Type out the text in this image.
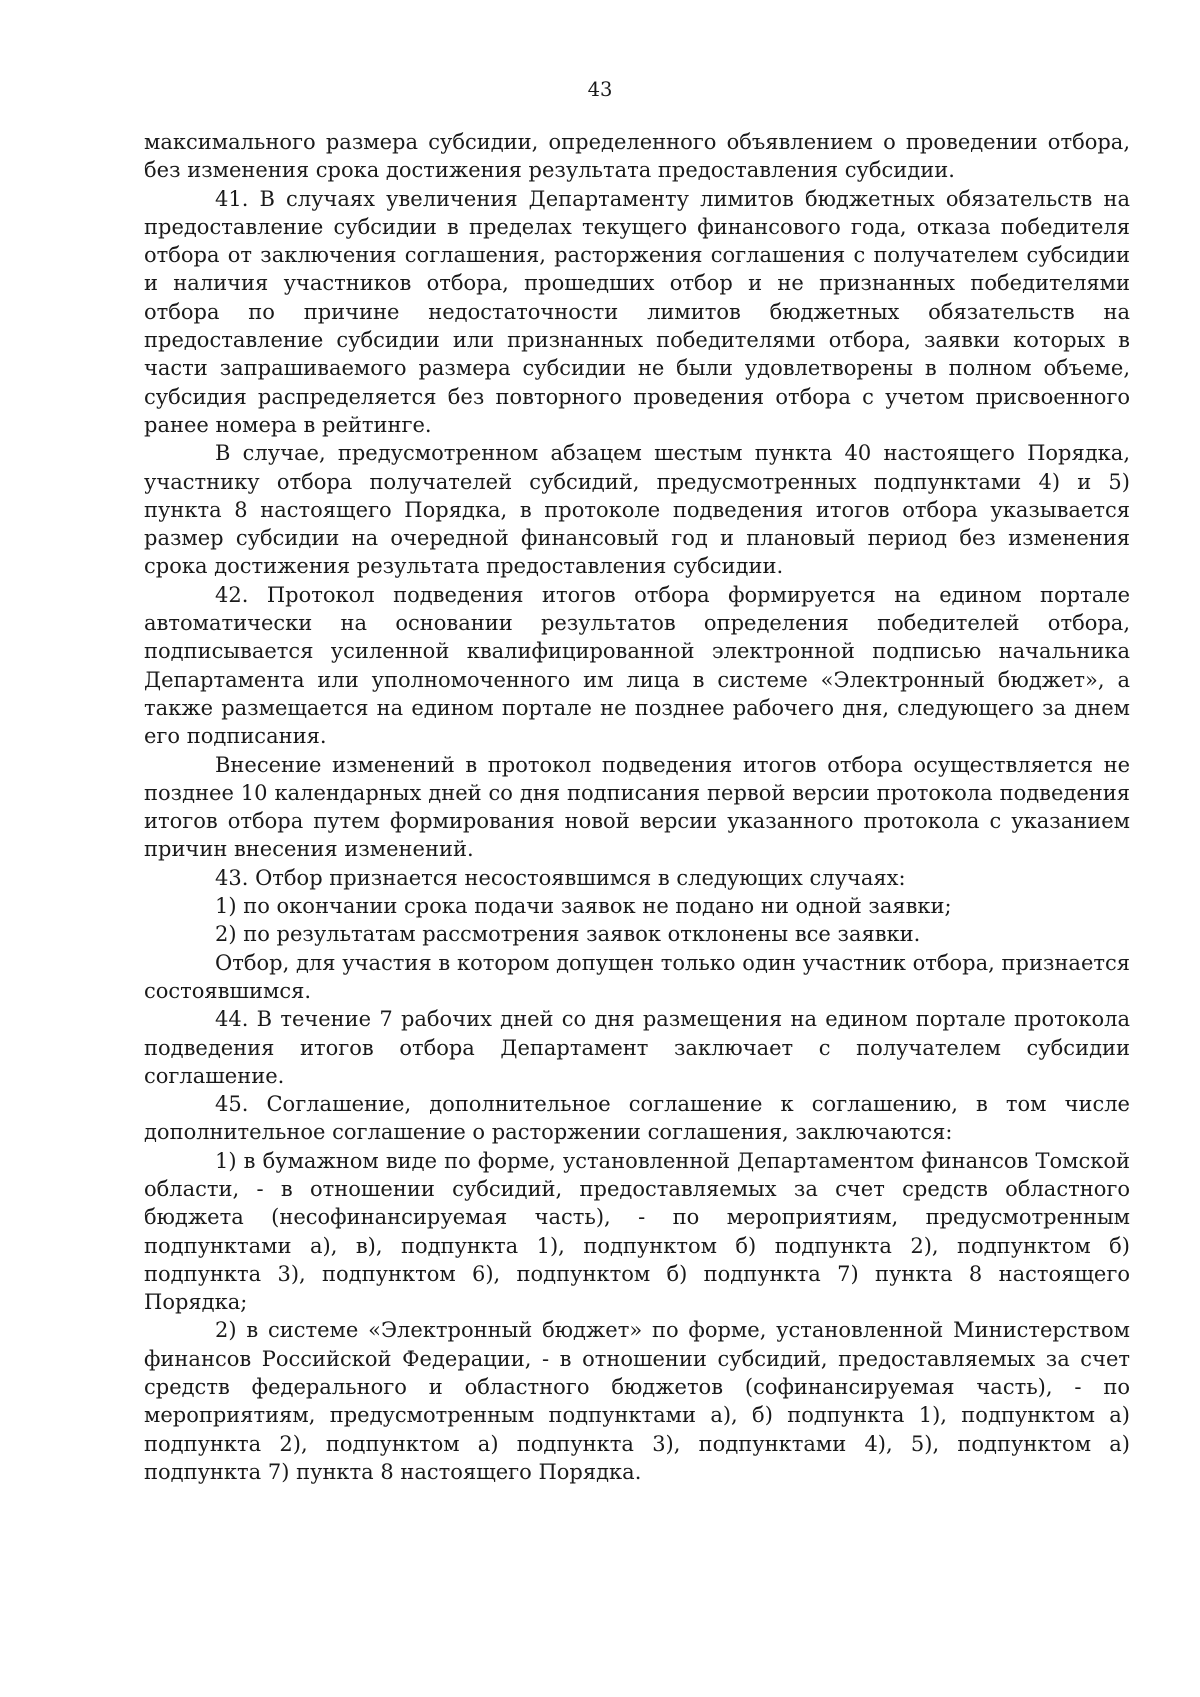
43

максимального размера субсидии, определенного объявлением о проведении отбора, без изменения срока достижения результата предоставления субсидии.

41. В случаях увеличения Департаменту лимитов бюджетных обязательств на предоставление субсидии в пределах текущего финансового года, отказа победителя отбора от заключения соглашения, расторжения соглашения с получателем субсидии и наличия участников отбора, прошедших отбор и не признанных победителями отбора по причине недостаточности лимитов бюджетных обязательств на предоставление субсидии или признанных победителями отбора, заявки которых в части запрашиваемого размера субсидии не были удовлетворены в полном объеме, субсидия распределяется без повторного проведения отбора с учетом присвоенного ранее номера в рейтинге.

В случае, предусмотренном абзацем шестым пункта 40 настоящего Порядка, участнику отбора получателей субсидий, предусмотренных подпунктами 4) и 5) пункта 8 настоящего Порядка, в протоколе подведения итогов отбора указывается размер субсидии на очередной финансовый год и плановый период без изменения срока достижения результата предоставления субсидии.

42. Протокол подведения итогов отбора формируется на едином портале автоматически на основании результатов определения победителей отбора, подписывается усиленной квалифицированной электронной подписью начальника Департамента или уполномоченного им лица в системе «Электронный бюджет», а также размещается на едином портале не позднее рабочего дня, следующего за днем его подписания.

Внесение изменений в протокол подведения итогов отбора осуществляется не позднее 10 календарных дней со дня подписания первой версии протокола подведения итогов отбора путем формирования новой версии указанного протокола с указанием причин внесения изменений.

43. Отбор признается несостоявшимся в следующих случаях:

1) по окончании срока подачи заявок не подано ни одной заявки;

2) по результатам рассмотрения заявок отклонены все заявки.

Отбор, для участия в котором допущен только один участник отбора, признается состоявшимся.

44. В течение 7 рабочих дней со дня размещения на едином портале протокола подведения итогов отбора Департамент заключает с получателем субсидии соглашение.

45. Соглашение, дополнительное соглашение к соглашению, в том числе дополнительное соглашение о расторжении соглашения, заключаются:

1) в бумажном виде по форме, установленной Департаментом финансов Томской области, - в отношении субсидий, предоставляемых за счет средств областного бюджета (несофинансируемая часть), - по мероприятиям, предусмотренным подпунктами а), в), подпункта 1), подпунктом б) подпункта 2), подпунктом б) подпункта 3), подпунктом 6), подпунктом б) подпункта 7) пункта 8 настоящего Порядка;

2) в системе «Электронный бюджет» по форме, установленной Министерством финансов Российской Федерации, - в отношении субсидий, предоставляемых за счет средств федерального и областного бюджетов (софинансируемая часть), - по мероприятиям, предусмотренным подпунктами а), б) подпункта 1), подпунктом а) подпункта 2), подпунктом а) подпункта 3), подпунктами 4), 5), подпунктом а) подпункта 7) пункта 8 настоящего Порядка.
